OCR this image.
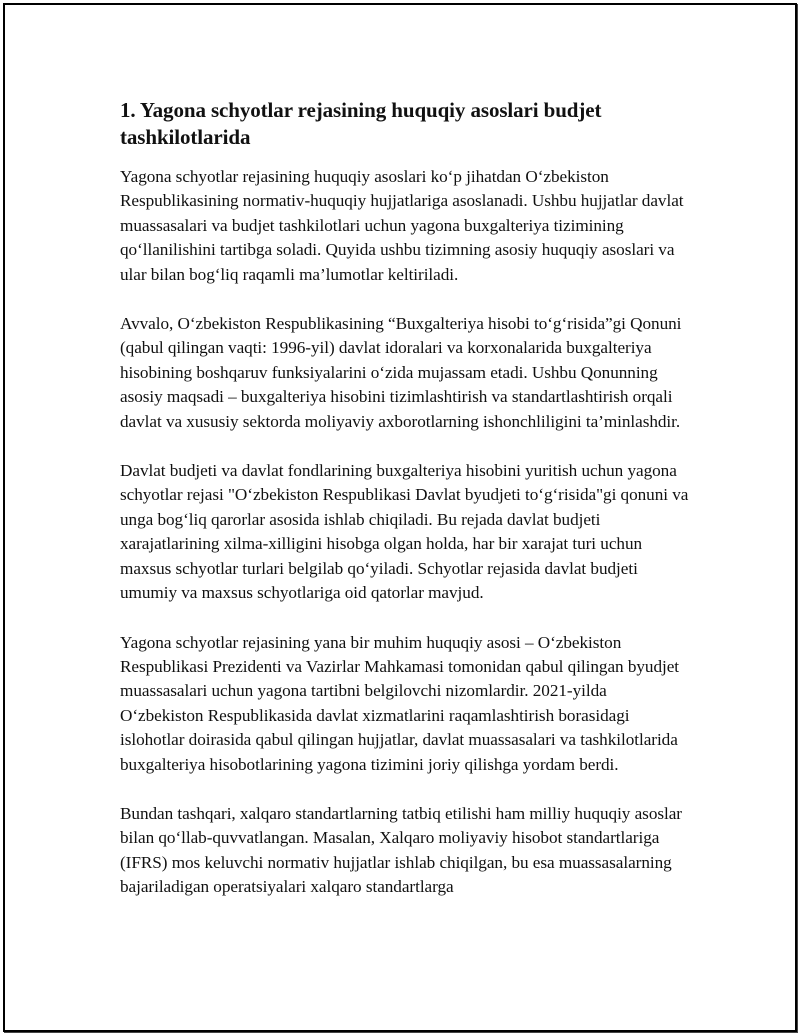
1. Yagona schyotlar rejasining huquqiy asoslari budjet tashkilotlarida

Yagona schyotlar rejasining huquqiy asoslari ko‘p jihatdan O‘zbekiston Respublikasining normativ-huquqiy hujjatlariga asoslanadi. Ushbu hujjatlar davlat muassasalari va budjet tashkilotlari uchun yagona buxgalteriya tizimining qo‘llanilishini tartibga soladi. Quyida ushbu tizimning asosiy huquqiy asoslari va ular bilan bog‘liq raqamli ma’lumotlar keltiriladi.

Avvalo, O‘zbekiston Respublikasining “Buxgalteriya hisobi to‘g‘risida”gi Qonuni (qabul qilingan vaqti: 1996-yil) davlat idoralari va korxonalarida buxgalteriya hisobining boshqaruv funksiyalarini o‘zida mujassam etadi. Ushbu Qonunning asosiy maqsadi – buxgalteriya hisobini tizimlashtirish va standartlashtirish orqali davlat va xususiy sektorda moliyaviy axborotlarning ishonchliligini ta’minlashdir.

Davlat budjeti va davlat fondlarining buxgalteriya hisobini yuritish uchun yagona schyotlar rejasi "O‘zbekiston Respublikasi Davlat byudjeti to‘g‘risida"gi qonuni va unga bog‘liq qarorlar asosida ishlab chiqiladi. Bu rejada davlat budjeti xarajatlarining xilma-xilligini hisobga olgan holda, har bir xarajat turi uchun maxsus schyotlar turlari belgilab qo‘yiladi. Schyotlar rejasida davlat budjeti umumiy va maxsus schyotlariga oid qatorlar mavjud.

Yagona schyotlar rejasining yana bir muhim huquqiy asosi – O‘zbekiston Respublikasi Prezidenti va Vazirlar Mahkamasi tomonidan qabul qilingan byudjet muassasalari uchun yagona tartibni belgilovchi nizomlardir. 2021-yilda O‘zbekiston Respublikasida davlat xizmatlarini raqamlashtirish borasidagi islohotlar doirasida qabul qilingan hujjatlar, davlat muassasalari va tashkilotlarida buxgalteriya hisobotlarining yagona tizimini joriy qilishga yordam berdi.

Bundan tashqari, xalqaro standartlarning tatbiq etilishi ham milliy huquqiy asoslar bilan qo‘llab-quvvatlangan. Masalan, Xalqaro moliyaviy hisobot standartlariga (IFRS) mos keluvchi normativ hujjatlar ishlab chiqilgan, bu esa muassasalarning bajariladigan operatsiyalari xalqaro standartlarga
